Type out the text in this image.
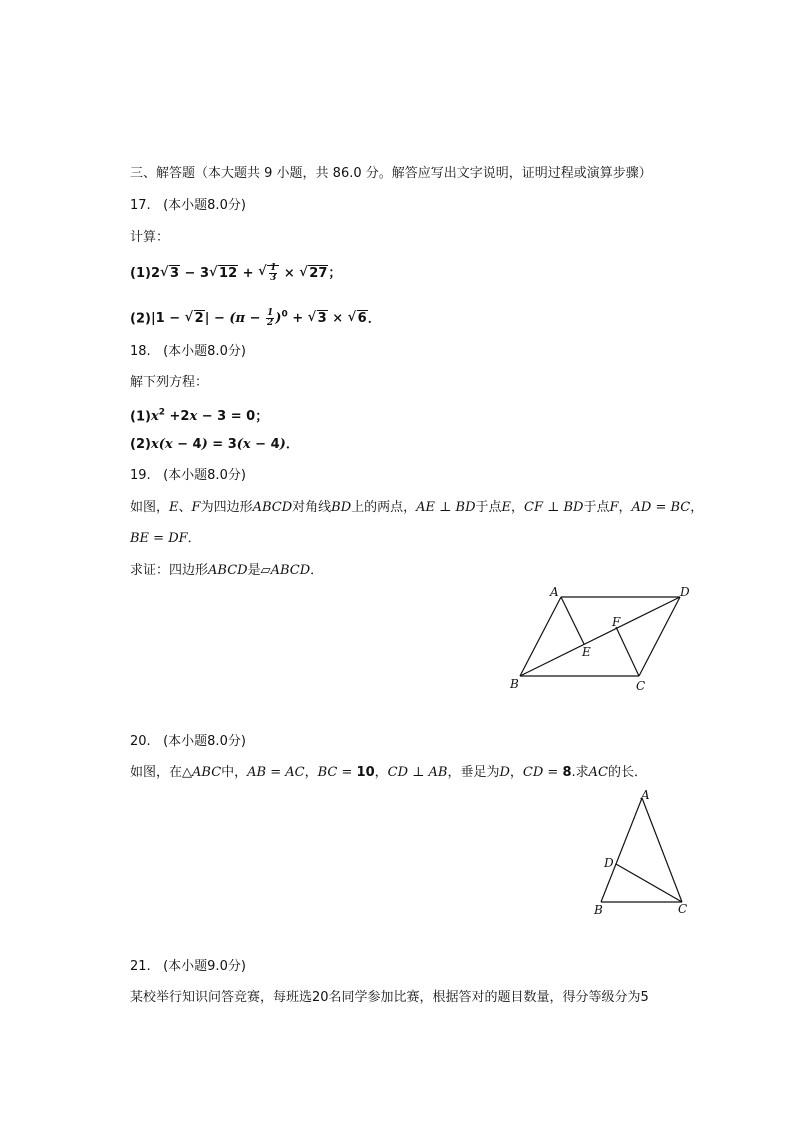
三、解答题（本大题共 9 小题，共 86.0 分。解答应写出文字说明，证明过程或演算步骤）
17. (本小题8.0分)
计算：
(1)2 √ 3 − 3 √ 12 + √ $\frac{1}{3}$ × √ 27；
(2)|1 − √ $2| - (\pi - \frac{1}{2} )^0$ + √ 3 × √ 6．
18. (本小题8.0分)
解下列方程：
$(1)x^2 +2x - 3 = 0$；
(2)x(x − 4) = 3(x − 4)．
19. (本小题8.0分)
如图，E、F为四边形ABCD对角线BD上的两点，AE ⊥ BD于点E，CF ⊥ BD于点F，AD = BC，
BE = DF．
求证：四边形ABCD是▱ABCD．
A	D
B	C
E
F
20. (本小题8.0分)
如图，在△ABC中，AB = AC，BC = 10，CD ⊥ AB，垂足为D，CD = 8.求AC的长．
A
D
B	C
21. (本小题9.0分)
某校举行知识问答竞赛，每班选20名同学参加比赛，根据答对的题目数量，得分等级分为5
